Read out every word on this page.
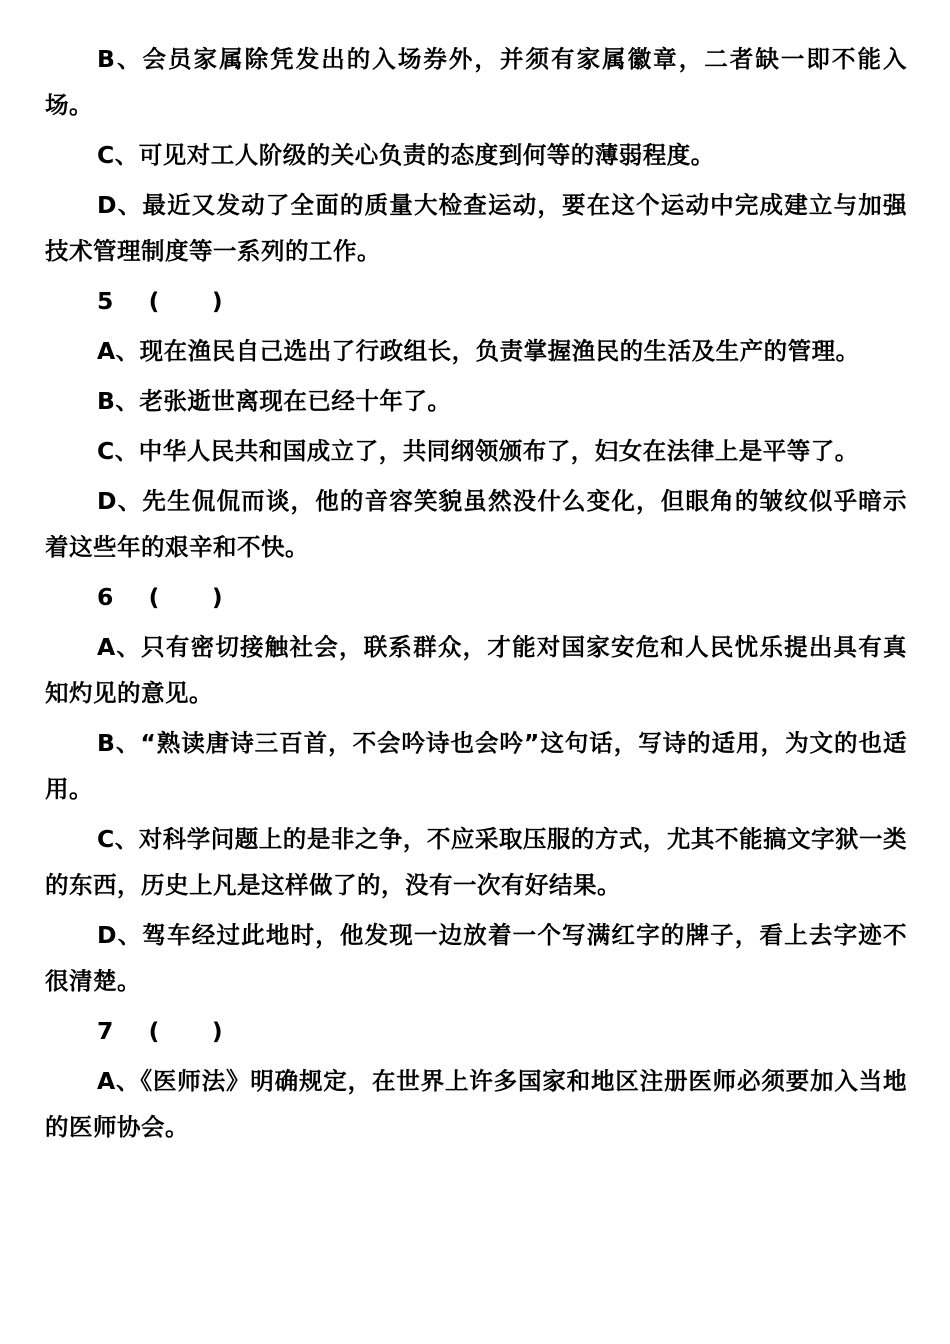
B、会员家属除凭发出的入场券外，并须有家属徽章，二者缺一即不能入场。

C、可见对工人阶级的关心负责的态度到何等的薄弱程度。

D、最近又发动了全面的质量大检查运动，要在这个运动中完成建立与加强技术管理制度等一系列的工作。

5    (      )

A、现在渔民自己选出了行政组长，负责掌握渔民的生活及生产的管理。

B、老张逝世离现在已经十年了。

C、中华人民共和国成立了，共同纲领颁布了，妇女在法律上是平等了。

D、先生侃侃而谈，他的音容笑貌虽然没什么变化，但眼角的皱纹似乎暗示着这些年的艰辛和不快。

6    (      )

A、只有密切接触社会，联系群众，才能对国家安危和人民忧乐提出具有真知灼见的意见。

B、“熟读唐诗三百首，不会吟诗也会吟”这句话，写诗的适用，为文的也适用。

C、对科学问题上的是非之争，不应采取压服的方式，尤其不能搞文字狱一类的东西，历史上凡是这样做了的，没有一次有好结果。

D、驾车经过此地时，他发现一边放着一个写满红字的牌子，看上去字迹不很清楚。

7    (      )

A、《医师法》明确规定，在世界上许多国家和地区注册医师必须要加入当地的医师协会。
